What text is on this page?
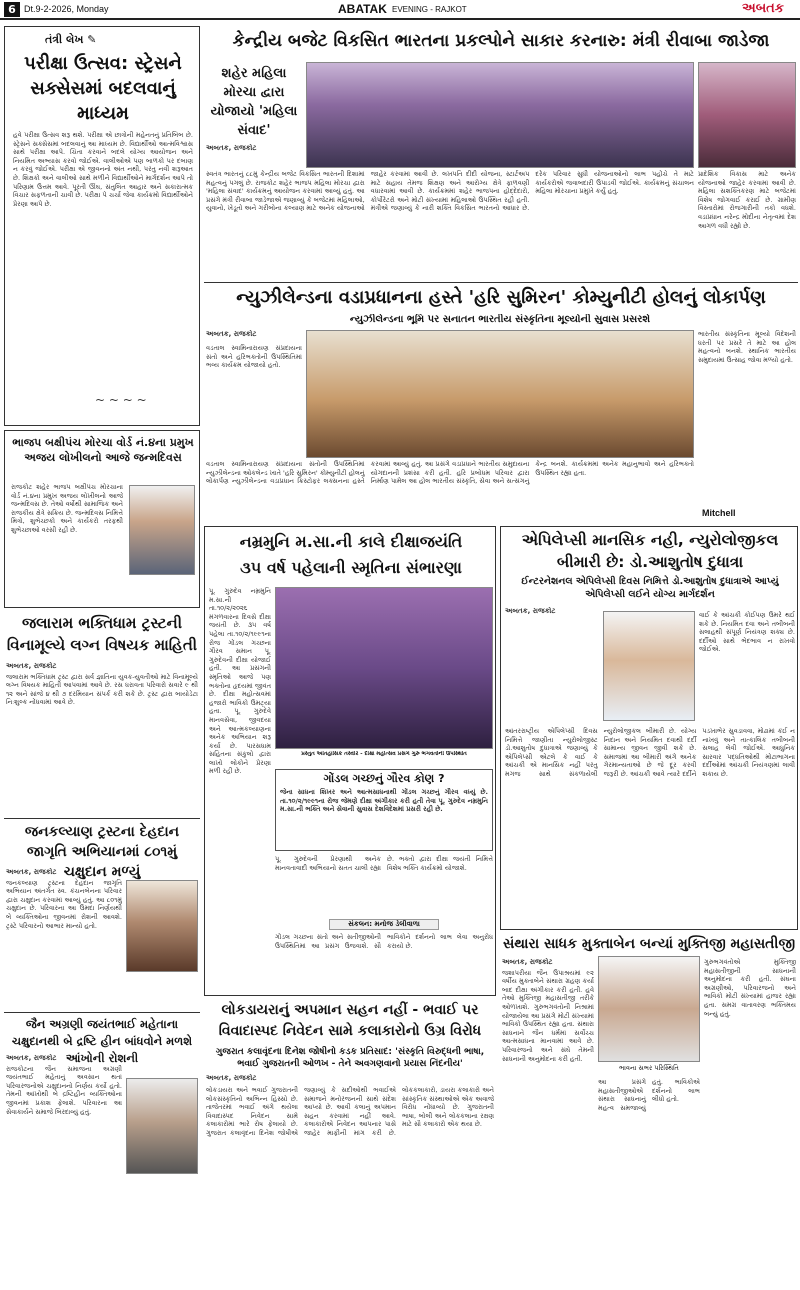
6 Dt.9-2-2026, Monday	ABATAK EVENING - RAJKOT	અબતક
તંત્રી લેખ ✎
પરીક્ષા ઉત્સવ: સ્ટ્રેસને સક્સેસમાં બદલવાનું માધ્યમ
હવે પરીક્ષા ઉત્સવ શરૂ થશે. પરીક્ષા એ છાત્રોની મહેનતનું પ્રતિબિંબ છે. સ્ટ્રેસને સક્સેસમાં બદલવાનું આ માધ્યમ છે. વિદ્યાર્થીઓ આત્મવિશ્વાસ સાથે પરીક્ષા આપે. ચિંતા કરવાને બદલે યોગ્ય આયોજન અને નિયમિત અભ્યાસ કરવો જોઈએ. વાલીઓએ પણ બાળકો પર દબાણ ન કરવું જોઈએ. પરીક્ષા એ જીવનનો અંત નથી, પરંતુ નવી શરૂઆત છે. શિક્ષકો અને વાલીઓ સાથે મળીને વિદ્યાર્થીઓને માર્ગદર્શન આપે તો પરિણામ ઉત્તમ આવે. પૂરતી ઊંઘ, સંતુલિત આહાર અને સકારાત્મક વિચાર સફળતાની ચાવી છે. પરીક્ષા પે ચર્ચા જેવા કાર્યક્રમો વિદ્યાર્થીઓને પ્રેરણા આપે છે.
~ ~ ~ ~
કેન્દ્રીય બજેટ વિકસિત ભારતના પ્રકલ્પોને સાકાર કરનારુ: મંત્રી રીવાબા જાડેજા
શહેર મહિલા મોરચા દ્વારા યોજાયો 'મહિલા સંવાદ'
અબતક, રાજકોટ
સ્વતંત્ર ભારતનું ૮૮મું કેન્દ્રીય બજેટ વિકસિત ભારતની દિશામાં મહત્વનું પગલું છે. રાજકોટ શહેર ભાજપ મહિલા મોરચા દ્વારા 'મહિલા સંવાદ' કાર્યક્રમનું આયોજન કરવામાં આવ્યું હતું. આ પ્રસંગે મંત્રી રીવાબા જાડેજાએ જણાવ્યું કે બજેટમાં મહિલાઓ, યુવાનો, ખેડૂતો અને ગરીબોના કલ્યાણ માટે અનેક યોજનાઓ જાહેર કરવામાં આવી છે. લખપતિ દીદી યોજના, સ્ટાર્ટઅપ માટે સહાય તેમજ શિક્ષણ અને આરોગ્ય ક્ષેત્રે ફાળવણી વધારવામાં આવી છે. કાર્યક્રમમાં શહેર ભાજપના હોદ્દેદારો, કોર્પોરેટરો અને મોટી સંખ્યામાં મહિલાઓ ઉપસ્થિત રહી હતી. મંત્રીએ જણાવ્યું કે નારી શક્તિ વિકસિત ભારતનો આધાર છે. દરેક પરિવાર સુધી યોજનાઓનો લાભ પહોંચે તે માટે કાર્યકરોએ જવાબદારી ઉપાડવી જોઈએ. કાર્યક્રમનું સંચાલન મહિલા મોરચાના પ્રમુખે કર્યું હતું.
પ્રાદેશિક વિકાસ માટે અનેક યોજનાઓ જાહેર કરવામાં આવી છે. મહિલા સશક્તિકરણ માટે બજેટમાં વિશેષ જોગવાઈ કરાઈ છે. ગ્રામીણ વિસ્તારોમાં રોજગારીની તકો વધશે. વડાપ્રધાન નરેન્દ્ર મોદીના નેતૃત્વમાં દેશ આગળ વધી રહ્યો છે.
ન્યુઝીલેન્ડના વડાપ્રધાનના હસ્તે 'હરિ સુમિરન' કોમ્યુનીટી હોલનું લોકાર્પણ
ન્યુઝીલેન્ડના ભૂમિ પર સનાતન ભારતીય સંસ્કૃતિના મૂલ્યોની સુવાસ પ્રસરશે
અબતક, રાજકોટ
વડતાલ સ્વામિનારાયણ સંપ્રદાયના સંતોની ઉપસ્થિતિમાં ન્યુઝીલેન્ડના ઓકલેન્ડ ખાતે 'હરિ સુમિરન' કોમ્યુનીટી હોલનું લોકાર્પણ ન્યુઝીલેન્ડના વડાપ્રધાન ક્રિસ્ટોફર લક્સનના હસ્તે કરવામાં આવ્યું હતું. આ પ્રસંગે વડાપ્રધાને ભારતીય સમુદાયના યોગદાનની પ્રશંસા કરી હતી. હરિ પ્રબોધમ પરિવાર દ્વારા નિર્માણ પામેલ આ હોલ ભારતીય સંસ્કૃતિ, સેવા અને સત્સંગનું કેન્દ્ર બનશે. કાર્યક્રમમાં અનેક મહાનુભાવો અને હરિભક્તો ઉપસ્થિત રહ્યા હતા.
વડતાલ સ્વામિનારાયણ સંપ્રદાયના સંતો અને હરિભક્તોની ઉપસ્થિતિમાં ભવ્ય કાર્યક્રમ યોજાયો હતો.
ભારતીય સંસ્કૃતિના મૂલ્યો વિદેશની ધરતી પર પ્રસરે તે માટે આ હોલ મહત્વનો બનશે. સ્થાનિક ભારતીય સમુદાયમાં ઉત્સાહ જોવા મળ્યો હતો.
Mitchell
ભાજપ બક્ષીપંચ મોરચા વોર્ડ નં.૪ના પ્રમુખ અજય લોખીલનો આજે જન્મદિવસ
રાજકોટ શહેર ભાજપ બક્ષીપંચ મોરચાના વોર્ડ નં.૪ના પ્રમુખ અજય લોખીલનો આજે જન્મદિવસ છે. તેઓ વર્ષોથી સામાજિક અને રાજકીય ક્ષેત્રે સક્રિય છે. જન્મદિવસ નિમિત્તે મિત્રો, શુભેચ્છકો અને કાર્યકરો તરફથી શુભેચ્છાઓ વરસી રહી છે.
જલારામ ભક્તિધામ ટ્રસ્ટની વિનામૂલ્યે લગ્ન વિષયક માહિતી
અબતક, રાજકોટ
જલારામ ભક્તિધામ ટ્રસ્ટ દ્વારા સર્વ જ્ઞાતિના યુવક-યુવતીઓ માટે વિનામૂલ્યે લગ્ન વિષયક માહિતી આપવામાં આવે છે. રસ ધરાવતા પરિવારો સવારે ૯ થી ૧૨ અને સાંજે ૪ થી ૭ દરમિયાન સંપર્ક કરી શકે છે. ટ્રસ્ટ દ્વારા બાયોડેટા નિઃશુલ્ક નોંધવામાં આવે છે.
જનકલ્યાણ ટ્રસ્ટના દેહદાન જાગૃતિ અભિયાનમાં ૮૦૧મું ચક્ષુદાન મળ્યું
અબતક, રાજકોટ
જનકલ્યાણ ટ્રસ્ટના દેહદાન જાગૃતિ અભિયાન અંતર્ગત સ્વ. કંચનબેનના પરિવાર દ્વારા ચક્ષુદાન કરવામાં આવ્યું હતું. આ ૮૦૧મું ચક્ષુદાન છે. પરિવારના આ ઉમદા નિર્ણયથી બે વ્યક્તિઓના જીવનમાં રોશની આવશે. ટ્રસ્ટે પરિવારનો આભાર માન્યો હતો.
જૈન અગ્રણી જયંતભાઈ મહેતાના ચક્ષુદાનથી બે દ્રષ્ટિ હીન બાંધવોને મળશે આંખોની રોશની
અબતક, રાજકોટ
રાજકોટના જૈન સમાજના અગ્રણી જયંતભાઈ મહેતાનું અવસાન થતાં પરિવારજનોએ ચક્ષુદાનનો નિર્ણય કર્યો હતો. તેમની આંખોથી બે દ્રષ્ટિહીન વ્યક્તિઓના જીવનમાં પ્રકાશ ફેલાશે. પરિવારના આ સેવાકાર્યને સમાજે બિરદાવ્યું હતું.
નમ્રમુનિ મ.સા.ની કાલે દીક્ષાજયંતિ
૩૫ વર્ષ પહેલાની સ્મૃતિના સંભારણા
પૂ. ગુરુદેવ નમ્રમુનિ મ.સા.ની તા.૧૦/૨/૨૦૨૬ મંગળવારના દિવસે દીક્ષા જયંતી છે. ૩૫ વર્ષ પહેલા તા.૧૦/૨/૧૯૯૧ના રોજ ગોંડલ ગચ્છના ગૌરવ સમાન પૂ. ગુરુદેવની દીક્ષા યોજાઈ હતી. આ પ્રસંગની સ્મૃતિઓ આજે પણ ભક્તોના હૃદયમાં જીવંત છે. દીક્ષા મહોત્સવમાં હજારો ભાવિકો ઉમટ્યા હતા. પૂ. ગુરુદેવે માનવસેવા, જીવદયા અને આત્મકલ્યાણના અનેક અભિયાન શરૂ કર્યા છે. પારસધામ સહિતના સંકુલો દ્વારા લાખો લોકોને પ્રેરણા મળી રહી છે.
પ્રસ્તુત ઐતિહાસિક તસ્વીર - દીક્ષા મહોત્સવ પ્રસંગે ગુરુ ભગવંતોની ઉપસ્થિતિ
ગોંડલ ગચ્છનું ગૌરવ કોણ ?
જેના સાધના શિખર અને આત્મસાધનાથી ગોંડલ ગચ્છનું ગૌરવ વધ્યું છે. તા.૧૦/૨/૧૯૯૧ના રોજ જેમણે દીક્ષા અંગીકાર કરી હતી તેવા પૂ. ગુરુદેવ નમ્રમુનિ મ.સા.ની ભક્તિ અને સેવાની સુવાસ દેશવિદેશમાં પ્રસરી રહી છે.
પૂ. ગુરુદેવની પ્રેરણાથી અનેક માનવતાવાદી અભિયાનો સતત ચાલી રહ્યા છે. ભક્તો દ્વારા દીક્ષા જયંતી નિમિત્તે વિશેષ ભક્તિ કાર્યક્રમો યોજાશે.
સંકલન: મનોજ ડેલીવાળા
ગોંડલ ગચ્છના સંતો અને સતીજીઓની ઉપસ્થિતિમાં આ પ્રસંગ ઉજવાશે. સૌ ભાવિકોને દર્શનનો લાભ લેવા અનુરોધ કરાયો છે.
એપિલેપ્સી માનસિક નહી, ન્યુરોલોજીકલ બીમારી છે: ડો.આશુતોષ દુધાત્રા
ઈન્ટરનેશનલ એપિલેપ્સી દિવસ નિમિત્તે ડો.આશુતોષ દુધાત્રાએ આપ્યું એપિલેપ્સી લઈને યોગ્ય માર્ગદર્શન
અબતક, રાજકોટ
આંતરરાષ્ટ્રીય એપિલેપ્સી દિવસ નિમિત્તે જાણીતા ન્યુરોલોજીસ્ટ ડો.આશુતોષ દુધાત્રાએ જણાવ્યું કે એપિલેપ્સી એટલે કે વાઈ કે આંચકી એ માનસિક નહીં પરંતુ મગજ સાથે સંકળાયેલી ન્યુરોલોજીકલ બીમારી છે. યોગ્ય નિદાન અને નિયમિત દવાથી દર્દી સામાન્ય જીવન જીવી શકે છે. સમાજમાં આ બીમારી અંગે અનેક ગેરમાન્યતાઓ છે જે દૂર કરવી જરૂરી છે. આંચકી આવે ત્યારે દર્દીને પડખાભેર સુવડાવવા, મોઢામાં કંઈ ન નાખવું અને તાત્કાલિક તબીબની સલાહ લેવી જોઈએ. આધુનિક સારવાર પદ્ધતિઓથી મોટાભાગના દર્દીઓમાં આંચકી નિયંત્રણમાં લાવી શકાય છે.
વાઈ કે આંચકી કોઈપણ ઉંમરે થઈ શકે છે. નિયમિત દવા અને તબીબની સલાહથી સંપૂર્ણ નિયંત્રણ શક્ય છે. દર્દીઓ સાથે ભેદભાવ ન રાખવો જોઈએ.
સંથારા સાધક મુક્તાબેન બન્યાં મુક્તિજી મહાસતીજી
અબતક, રાજકોટ
જશાપરીયા જૈન ઉપાશ્રયમાં ૯૨ વર્ષીય મુક્તાબેને સંથારા ગ્રહણ કર્યા બાદ દીક્ષા અંગીકાર કરી હતી. હવે તેઓ મુક્તિજી મહાસતીજી તરીકે ઓળખાશે. ગુરુભગવંતોની નિશ્રામાં યોજાયેલા આ પ્રસંગે મોટી સંખ્યામાં ભાવિકો ઉપસ્થિત રહ્યા હતા. સંથારા સાધનાને જૈન ધર્મમાં સર્વોચ્ચ આત્મસાધના માનવામાં આવે છે. પરિવારજનો અને સંઘે તેમની સાધનાની અનુમોદના કરી હતી.
ભાવના સભર પરિસ્થિતિ
ગુરુભગવંતોએ મુક્તિજી મહાસતીજીની સાધનાની અનુમોદના કરી હતી. સંઘના અગ્રણીઓ, પરિવારજનો અને ભાવિકો મોટી સંખ્યામાં હાજર રહ્યા હતા. સમગ્ર વાતાવરણ ભક્તિમય બન્યું હતું.
આ પ્રસંગે મહાસતીજીઓએ સંથારા સાધનાનું મહત્વ સમજાવ્યું હતું. ભાવિકોએ દર્શનનો લાભ લીધો હતો.
લોકડાયરાનું અપમાન સહન નહીં - ભવાઈ પર વિવાદાસ્પદ નિવેદન સામે કલાકારોનો ઉગ્ર વિરોધ
ગુજરાત કલાવૃંદના દિનેશ જોષીનો કડક પ્રતિસાદ: 'સંસ્કૃતિ વિરુદ્ધની ભાષા, ભવાઈ ગુજરાતની ઓળખ - તેને અવગણવાનો પ્રયાસ નિંદનીય'
અબતક, રાજકોટ
લોકડાયરા અને ભવાઈ ગુજરાતની લોકસંસ્કૃતિનો અભિન્ન હિસ્સો છે. તાજેતરમાં ભવાઈ અંગે થયેલા વિવાદાસ્પદ નિવેદન સામે કલાકારોમાં ભારે રોષ ફેલાયો છે. ગુજરાત કલાવૃંદના દિનેશ જોષીએ જણાવ્યું કે સદીઓથી ભવાઈએ સમાજને મનોરંજનની સાથે સંદેશ આપ્યો છે. આવી કલાનું અપમાન સહન કરવામાં નહીં આવે. કલાકારોએ નિવેદન આપનાર પાસે જાહેર માફીની માંગ કરી છે. લોકકલાકારો, ડાયરા કલાકારો અને સાંસ્કૃતિક સંસ્થાઓએ એક અવાજે વિરોધ નોંધાવ્યો છે. ગુજરાતની ભાષા, બોલી અને લોકકલાના રક્ષણ માટે સૌ કલાકારો એક થયા છે.
